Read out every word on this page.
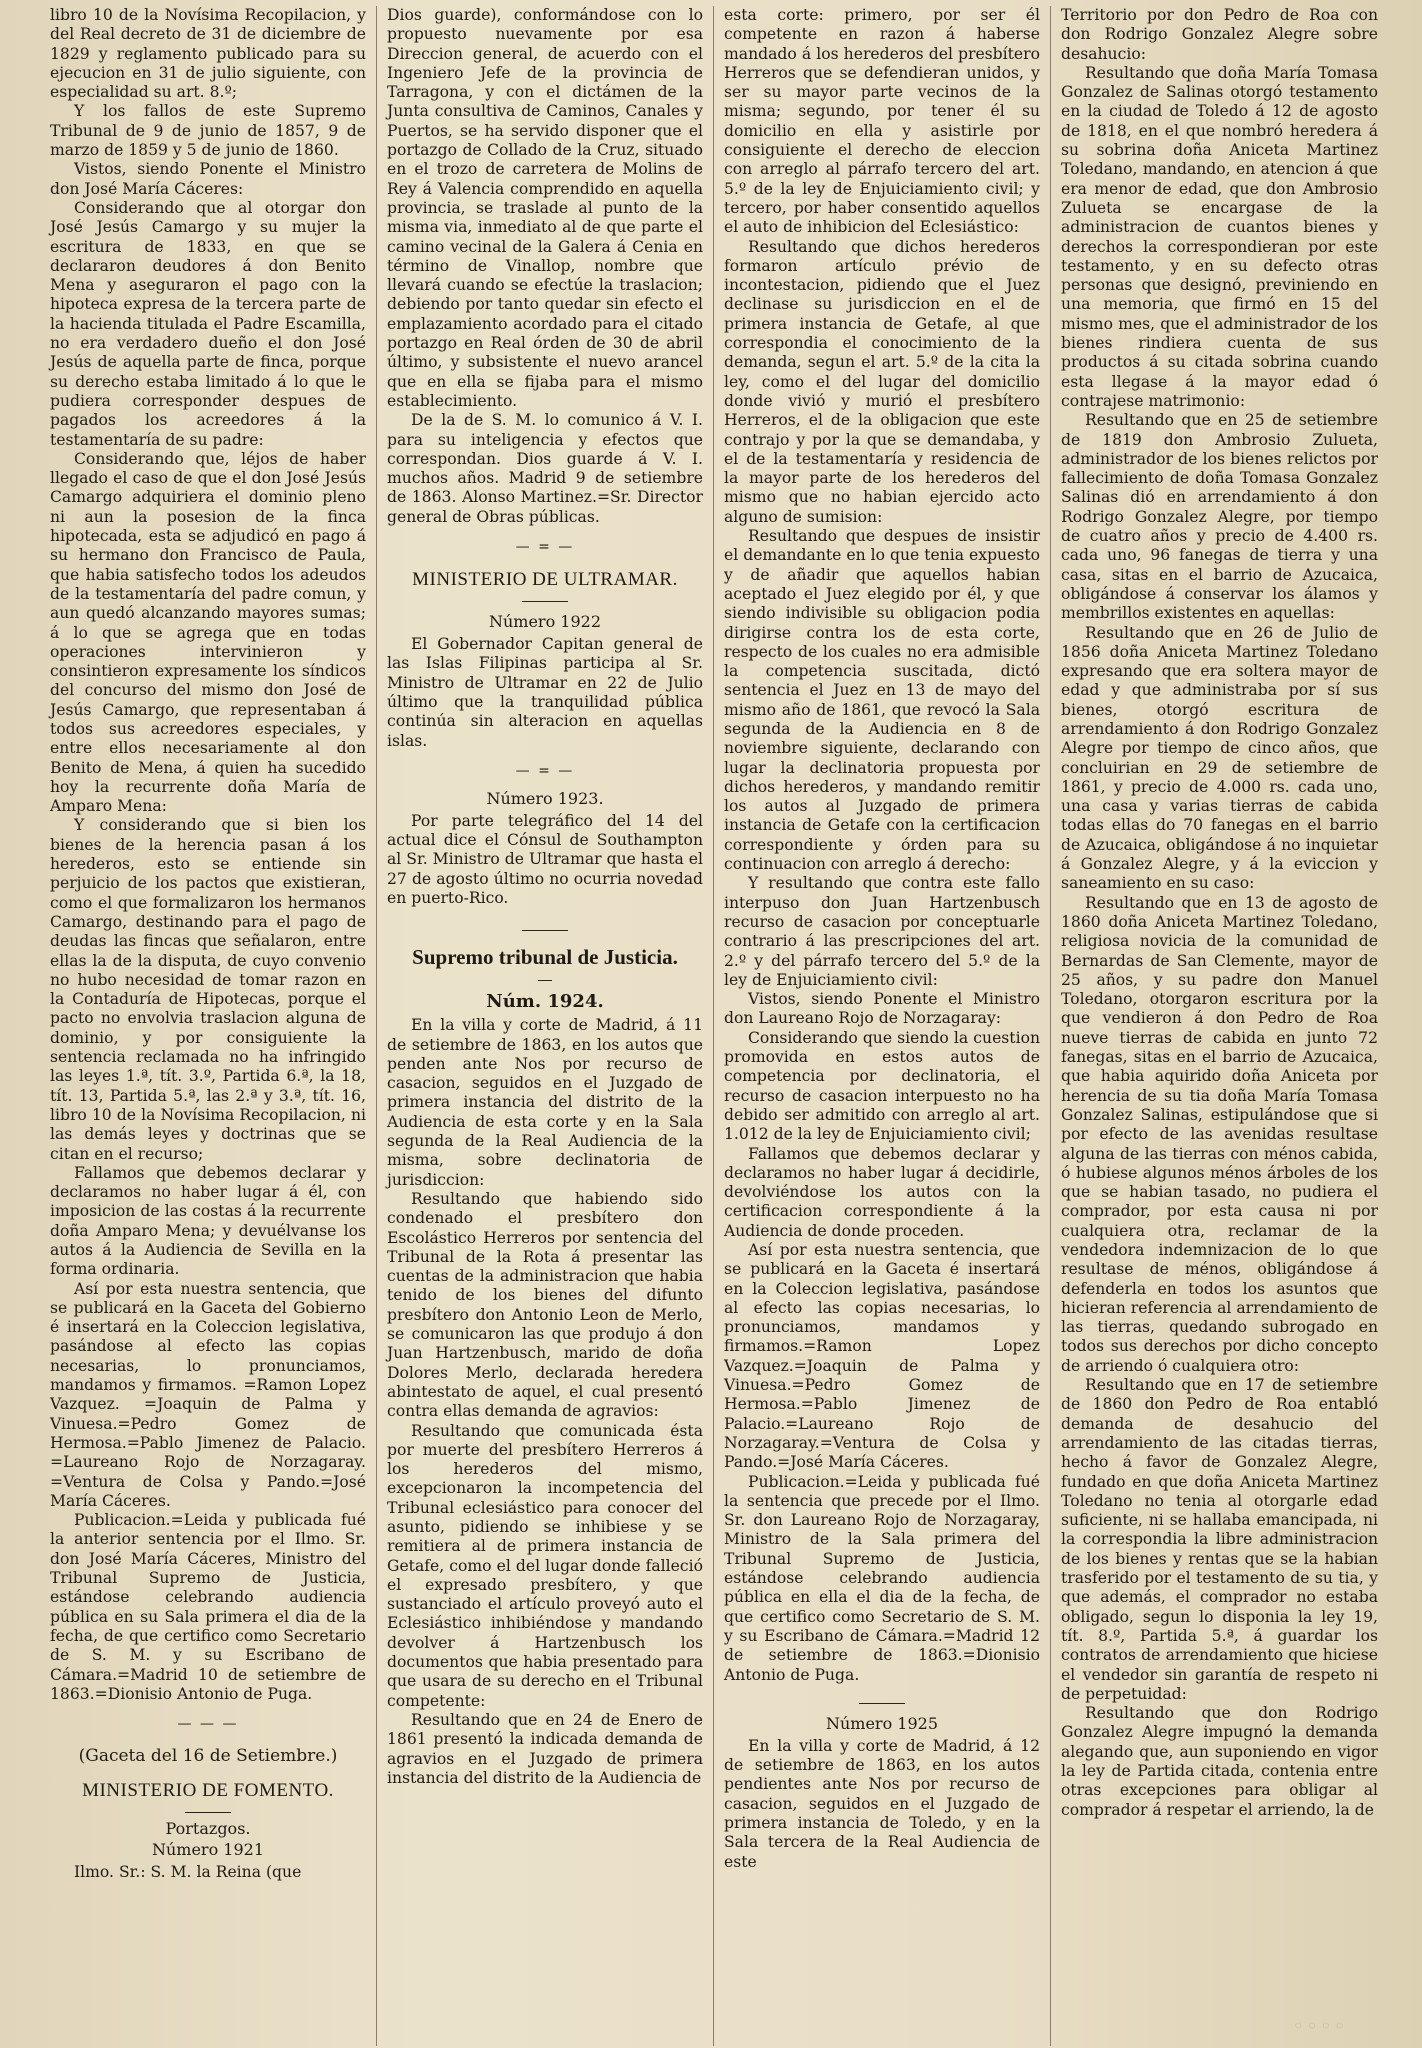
libro 10 de la Novísima Recopilacion, y del Real decreto de 31 de diciembre de 1829 y reglamento publicado para su ejecucion en 31 de julio siguiente, con especialidad su art. 8.º;

Y los fallos de este Supremo Tribunal de 9 de junio de 1857, 9 de marzo de 1859 y 5 de junio de 1860.

Vistos, siendo Ponente el Ministro don José María Cáceres:

Considerando que al otorgar don José Jesús Camargo y su mujer la escritura de 1833, en que se declararon deudores á don Benito Mena y aseguraron el pago con la hipoteca expresa de la tercera parte de la hacienda titulada el Padre Escamilla, no era verdadero dueño el don José Jesús de aquella parte de finca, porque su derecho estaba limitado á lo que le pudiera corresponder despues de pagados los acreedores á la testamentaría de su padre:

Considerando que, léjos de haber llegado el caso de que el don José Jesús Camargo adquiriera el dominio pleno ni aun la posesion de la finca hipotecada, esta se adjudicó en pago á su hermano don Francisco de Paula, que habia satisfecho todos los adeudos de la testamentaría del padre comun, y aun quedó alcanzando mayores sumas; á lo que se agrega que en todas operaciones intervinieron y consintieron expresamente los síndicos del concurso del mismo don José de Jesús Camargo, que representaban á todos sus acreedores especiales, y entre ellos necesariamente al don Benito de Mena, á quien ha sucedido hoy la recurrente doña María de Amparo Mena:

Y considerando que si bien los bienes de la herencia pasan á los herederos, esto se entiende sin perjuicio de los pactos que existieran, como el que formalizaron los hermanos Camargo, destinando para el pago de deudas las fincas que señalaron, entre ellas la de la disputa, de cuyo convenio no hubo necesidad de tomar razon en la Contaduría de Hipotecas, porque el pacto no envolvia traslacion alguna de dominio, y por consiguiente la sentencia reclamada no ha infringido las leyes 1.ª, tít. 3.º, Partida 6.ª, la 18, tít. 13, Partida 5.ª, las 2.ª y 3.ª, tít. 16, libro 10 de la Novísima Recopilacion, ni las demás leyes y doctrinas que se citan en el recurso;

Fallamos que debemos declarar y declaramos no haber lugar á él, con imposicion de las costas á la recurrente doña Amparo Mena; y devuélvanse los autos á la Audiencia de Sevilla en la forma ordinaria.

Así por esta nuestra sentencia, que se publicará en la Gaceta del Gobierno é insertará en la Coleccion legislativa, pasándose al efecto las copias necesarias, lo pronunciamos, mandamos y firmamos. =Ramon Lopez Vazquez. =Joaquin de Palma y Vinuesa.=Pedro Gomez de Hermosa.=Pablo Jimenez de Palacio. =Laureano Rojo de Norzagaray. =Ventura de Colsa y Pando.=José María Cáceres.

Publicacion.=Leida y publicada fué la anterior sentencia por el Ilmo. Sr. don José María Cáceres, Ministro del Tribunal Supremo de Justicia, estándose celebrando audiencia pública en su Sala primera el dia de la fecha, de que certifico como Secretario de S. M. y su Escribano de Cámara.=Madrid 10 de setiembre de 1863.=Dionisio Antonio de Puga.

— — —
(Gaceta del 16 de Setiembre.)
MINISTERIO DE FOMENTO.
Portazgos.
Número 1921

Ilmo. Sr.: S. M. la Reina (que

Dios guarde), conformándose con lo propuesto nuevamente por esa Direccion general, de acuerdo con el Ingeniero Jefe de la provincia de Tarragona, y con el dictámen de la Junta consultiva de Caminos, Canales y Puertos, se ha servido disponer que el portazgo de Collado de la Cruz, situado en el trozo de carretera de Molins de Rey á Valencia comprendido en aquella provincia, se traslade al punto de la misma via, inmediato al de que parte el camino vecinal de la Galera á Cenia en término de Vinallop, nombre que llevará cuando se efectúe la traslacion; debiendo por tanto quedar sin efecto el emplazamiento acordado para el citado portazgo en Real órden de 30 de abril último, y subsistente el nuevo arancel que en ella se fijaba para el mismo establecimiento.

De la de S. M. lo comunico á V. I. para su inteligencia y efectos que correspondan. Dios guarde á V. I. muchos años. Madrid 9 de setiembre de 1863. Alonso Martinez.=Sr. Director general de Obras públicas.

— = —
MINISTERIO DE ULTRAMAR.
Número 1922

El Gobernador Capitan general de las Islas Filipinas participa al Sr. Ministro de Ultramar en 22 de Julio último que la tranquilidad pública continúa sin alteracion en aquellas islas.

— = —
Número 1923.

Por parte telegráfico del 14 del actual dice el Cónsul de Southampton al Sr. Ministro de Ultramar que hasta el 27 de agosto último no ocurria novedad en puerto-Rico.

Supremo tribunal de Justicia.
Núm. 1924.

En la villa y corte de Madrid, á 11 de setiembre de 1863, en los autos que penden ante Nos por recurso de casacion, seguidos en el Juzgado de primera instancia del distrito de la Audiencia de esta corte y en la Sala segunda de la Real Audiencia de la misma, sobre declinatoria de jurisdiccion:

Resultando que habiendo sido condenado el presbítero don Escolástico Herreros por sentencia del Tribunal de la Rota á presentar las cuentas de la administracion que habia tenido de los bienes del difunto presbítero don Antonio Leon de Merlo, se comunicaron las que produjo á don Juan Hartzenbusch, marido de doña Dolores Merlo, declarada heredera abintestato de aquel, el cual presentó contra ellas demanda de agravios:

Resultando que comunicada ésta por muerte del presbítero Herreros á los herederos del mismo, excepcionaron la incompetencia del Tribunal eclesiástico para conocer del asunto, pidiendo se inhibiese y se remitiera al de primera instancia de Getafe, como el del lugar donde falleció el expresado presbítero, y que sustanciado el artículo proveyó auto el Eclesiástico inhibiéndose y mandando devolver á Hartzenbusch los documentos que habia presentado para que usara de su derecho en el Tribunal competente:

Resultando que en 24 de Enero de 1861 presentó la indicada demanda de agravios en el Juzgado de primera instancia del distrito de la Audiencia de

esta corte: primero, por ser él competente en razon á haberse mandado á los herederos del presbítero Herreros que se defendieran unidos, y ser su mayor parte vecinos de la misma; segundo, por tener él su domicilio en ella y asistirle por consiguiente el derecho de eleccion con arreglo al párrafo tercero del art. 5.º de la ley de Enjuiciamiento civil; y tercero, por haber consentido aquellos el auto de inhibicion del Eclesiástico:

Resultando que dichos herederos formaron artículo prévio de incontestacion, pidiendo que el Juez declinase su jurisdiccion en el de primera instancia de Getafe, al que correspondia el conocimiento de la demanda, segun el art. 5.º de la cita la ley, como el del lugar del domicilio donde vivió y murió el presbítero Herreros, el de la obligacion que este contrajo y por la que se demandaba, y el de la testamentaría y residencia de la mayor parte de los herederos del mismo que no habian ejercido acto alguno de sumision:

Resultando que despues de insistir el demandante en lo que tenia expuesto y de añadir que aquellos habian aceptado el Juez elegido por él, y que siendo indivisible su obligacion podia dirigirse contra los de esta corte, respecto de los cuales no era admisible la competencia suscitada, dictó sentencia el Juez en 13 de mayo del mismo año de 1861, que revocó la Sala segunda de la Audiencia en 8 de noviembre siguiente, declarando con lugar la declinatoria propuesta por dichos herederos, y mandando remitir los autos al Juzgado de primera instancia de Getafe con la certificacion correspondiente y órden para su continuacion con arreglo á derecho:

Y resultando que contra este fallo interpuso don Juan Hartzenbusch recurso de casacion por conceptuarle contrario á las prescripciones del art. 2.º y del párrafo tercero del 5.º de la ley de Enjuiciamiento civil:

Vistos, siendo Ponente el Ministro don Laureano Rojo de Norzagaray:

Considerando que siendo la cuestion promovida en estos autos de competencia por declinatoria, el recurso de casacion interpuesto no ha debido ser admitido con arreglo al art. 1.012 de la ley de Enjuiciamiento civil;

Fallamos que debemos declarar y declaramos no haber lugar á decidirle, devolviéndose los autos con la certificacion correspondiente á la Audiencia de donde proceden.

Así por esta nuestra sentencia, que se publicará en la Gaceta é insertará en la Coleccion legislativa, pasándose al efecto las copias necesarias, lo pronunciamos, mandamos y firmamos.=Ramon Lopez Vazquez.=Joaquin de Palma y Vinuesa.=Pedro Gomez de Hermosa.=Pablo Jimenez de Palacio.=Laureano Rojo de Norzagaray.=Ventura de Colsa y Pando.=José María Cáceres.

Publicacion.=Leida y publicada fué la sentencia que precede por el Ilmo. Sr. don Laureano Rojo de Norzagaray, Ministro de la Sala primera del Tribunal Supremo de Justicia, estándose celebrando audiencia pública en ella el dia de la fecha, de que certifico como Secretario de S. M. y su Escribano de Cámara.=Madrid 12 de setiembre de 1863.=Dionisio Antonio de Puga.

Número 1925

En la villa y corte de Madrid, á 12 de setiembre de 1863, en los autos pendientes ante Nos por recurso de casacion, seguidos en el Juzgado de primera instancia de Toledo, y en la Sala tercera de la Real Audiencia de este

Territorio por don Pedro de Roa con don Rodrigo Gonzalez Alegre sobre desahucio:

Resultando que doña María Tomasa Gonzalez de Salinas otorgó testamento en la ciudad de Toledo á 12 de agosto de 1818, en el que nombró heredera á su sobrina doña Aniceta Martinez Toledano, mandando, en atencion á que era menor de edad, que don Ambrosio Zulueta se encargase de la administracion de cuantos bienes y derechos la correspondieran por este testamento, y en su defecto otras personas que designó, previniendo en una memoria, que firmó en 15 del mismo mes, que el administrador de los bienes rindiera cuenta de sus productos á su citada sobrina cuando esta llegase á la mayor edad ó contrajese matrimonio:

Resultando que en 25 de setiembre de 1819 don Ambrosio Zulueta, administrador de los bienes relictos por fallecimiento de doña Tomasa Gonzalez Salinas dió en arrendamiento á don Rodrigo Gonzalez Alegre, por tiempo de cuatro años y precio de 4.400 rs. cada uno, 96 fanegas de tierra y una casa, sitas en el barrio de Azucaica, obligándose á conservar los álamos y membrillos existentes en aquellas:

Resultando que en 26 de Julio de 1856 doña Aniceta Martinez Toledano expresando que era soltera mayor de edad y que administraba por sí sus bienes, otorgó escritura de arrendamiento á don Rodrigo Gonzalez Alegre por tiempo de cinco años, que concluirian en 29 de setiembre de 1861, y precio de 4.000 rs. cada uno, una casa y varias tierras de cabida todas ellas do 70 fanegas en el barrio de Azucaica, obligándose á no inquietar á Gonzalez Alegre, y á la eviccion y saneamiento en su caso:

Resultando que en 13 de agosto de 1860 doña Aniceta Martinez Toledano, religiosa novicia de la comunidad de Bernardas de San Clemente, mayor de 25 años, y su padre don Manuel Toledano, otorgaron escritura por la que vendieron á don Pedro de Roa nueve tierras de cabida en junto 72 fanegas, sitas en el barrio de Azucaica, que habia aquirido doña Aniceta por herencia de su tia doña María Tomasa Gonzalez Salinas, estipulándose que si por efecto de las avenidas resultase alguna de las tierras con ménos cabida, ó hubiese algunos ménos árboles de los que se habian tasado, no pudiera el comprador, por esta causa ni por cualquiera otra, reclamar de la vendedora indemnizacion de lo que resultase de ménos, obligándose á defenderla en todos los asuntos que hicieran referencia al arrendamiento de las tierras, quedando subrogado en todos sus derechos por dicho concepto de arriendo ó cualquiera otro:

Resultando que en 17 de setiembre de 1860 don Pedro de Roa entabló demanda de desahucio del arrendamiento de las citadas tierras, hecho á favor de Gonzalez Alegre, fundado en que doña Aniceta Martinez Toledano no tenia al otorgarle edad suficiente, ni se hallaba emancipada, ni la correspondia la libre administracion de los bienes y rentas que se la habian trasferido por el testamento de su tia, y que además, el comprador no estaba obligado, segun lo disponia la ley 19, tít. 8.º, Partida 5.ª, á guardar los contratos de arrendamiento que hiciese el vendedor sin garantía de respeto ni de perpetuidad:

Resultando que don Rodrigo Gonzalez Alegre impugnó la demanda alegando que, aun suponiendo en vigor la ley de Partida citada, contenia entre otras excepciones para obligar al comprador á respetar el arriendo, la de

◦◦◦◦
